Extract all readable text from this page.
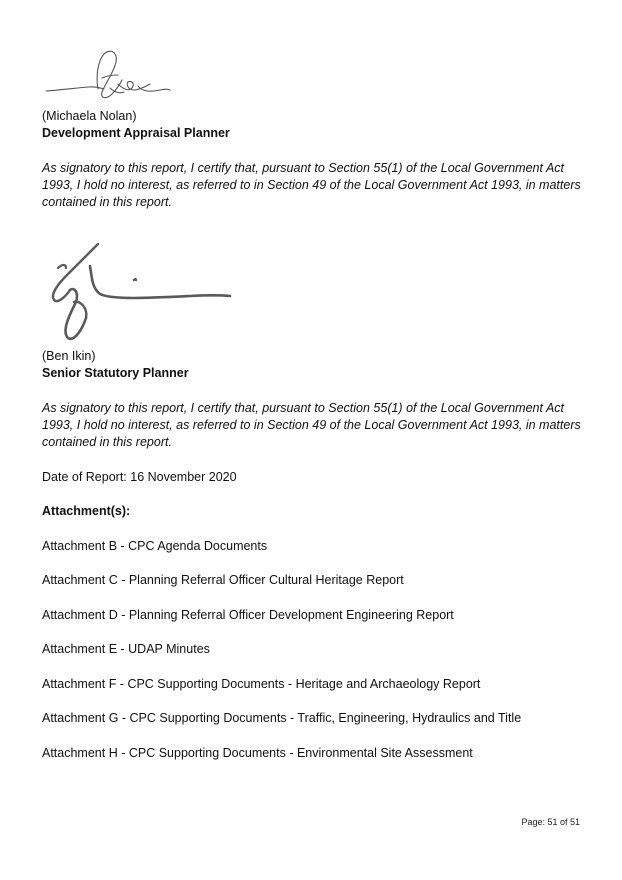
(Michaela Nolan)
Development Appraisal Planner
As signatory to this report, I certify that, pursuant to Section 55(1) of the Local Government Act 1993, I hold no interest, as referred to in Section 49 of the Local Government Act 1993, in matters contained in this report.
(Ben Ikin)
Senior Statutory Planner
As signatory to this report, I certify that, pursuant to Section 55(1) of the Local Government Act 1993, I hold no interest, as referred to in Section 49 of the Local Government Act 1993, in matters contained in this report.
Date of Report: 16 November 2020
Attachment(s):
Attachment B - CPC Agenda Documents
Attachment C - Planning Referral Officer Cultural Heritage Report
Attachment D - Planning Referral Officer Development Engineering Report
Attachment E - UDAP Minutes
Attachment F - CPC Supporting Documents - Heritage and Archaeology Report
Attachment G - CPC Supporting Documents - Traffic, Engineering, Hydraulics and Title
Attachment H - CPC Supporting Documents - Environmental Site Assessment
Page: 51 of 51
